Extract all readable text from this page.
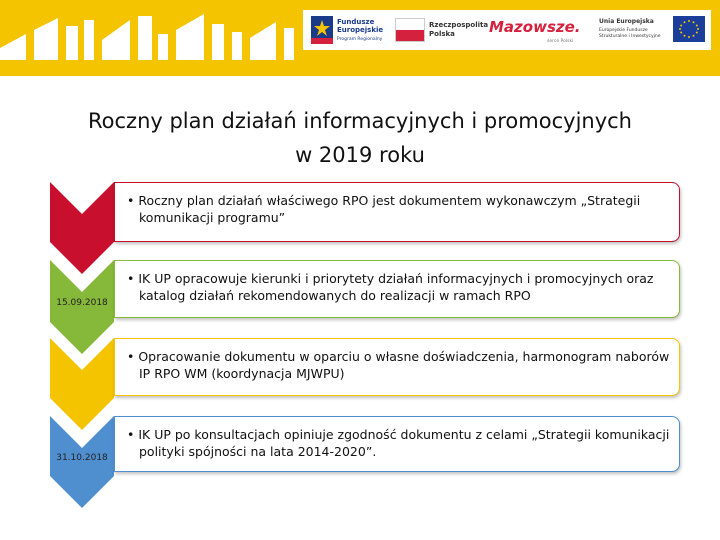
Fundusze Europejskie
Program Regionalny
Rzeczpospolita Polska	Mazowsze.
serce Polski
Unia Europejska
Europejskie Fundusze Strukturalne i Inwestycyjne
Roczny plan działań informacyjnych i promocyjnych
w 2019 roku
15.09.2018
31.10.2018
• Roczny plan działań właściwego RPO jest dokumentem wykonawczym „Strategii komunikacji programu”
• IK UP opracowuje kierunki i priorytety działań informacyjnych i promocyjnych oraz katalog działań rekomendowanych do realizacji w ramach RPO
• Opracowanie dokumentu w oparciu o własne doświadczenia, harmonogram naborów IP RPO WM (koordynacja MJWPU)
• IK UP po konsultacjach opiniuje zgodność dokumentu z celami „Strategii komunikacji polityki spójności na lata 2014-2020”.
